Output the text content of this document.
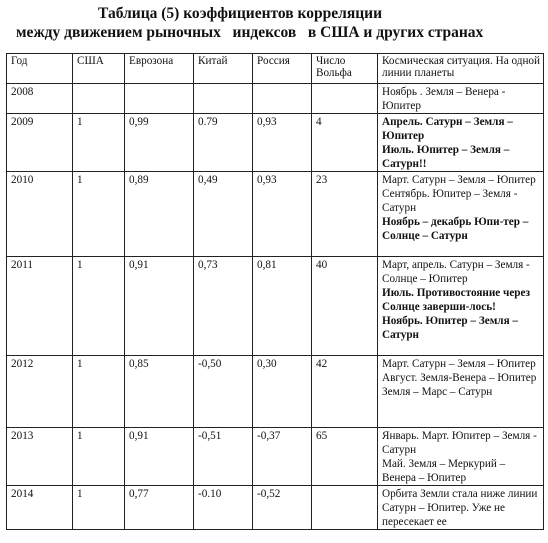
Таблица (5) коэффициентов корреляции
между движением рыночных   индексов   в США и других странах
Год	США	Еврозона	Китай	Россия	Число Вольфа	Космическая ситуация. На одной линии планеты
2008						Ноябрь . Земля – Венера - Юпитер

2009	1	0,99	0.79	0,93	4	Апрель. Сатурн – Земля – Юпитер
Июль. Юпитер – Земля – Сатурн!!

2010	1	0,89	0,49	0,93	23	Март. Сатурн – Земля – Юпитер
Сентябрь. Юпитер – Земля - Сатурн
Ноябрь – декабрь Юпи-тер –Солнце – Сатурн

2011	1	0,91	0,73	0,81	40	Март, апрель. Сатурн – Земля - Солнце – Юпитер
Июль. Противостояние через Солнце заверши-лось!
Ноябрь. Юпитер – Земля – Сатурн

2012	1	0,85	-0,50	0,30	42	Март. Сатурн – Земля – Юпитер
Август. Земля-Венера – Юпитер
Земля – Марс – Сатурн

2013	1	0,91	-0,51	-0,37	65	Январь. Март. Юпитер – Земля - Сатурн
Май. Земля – Меркурий – Венера – Юпитер

2014	1	0,77	-0.10	-0,52		Орбита Земли стала ниже линии Сатурн – Юпитер. Уже не пересекает ее
